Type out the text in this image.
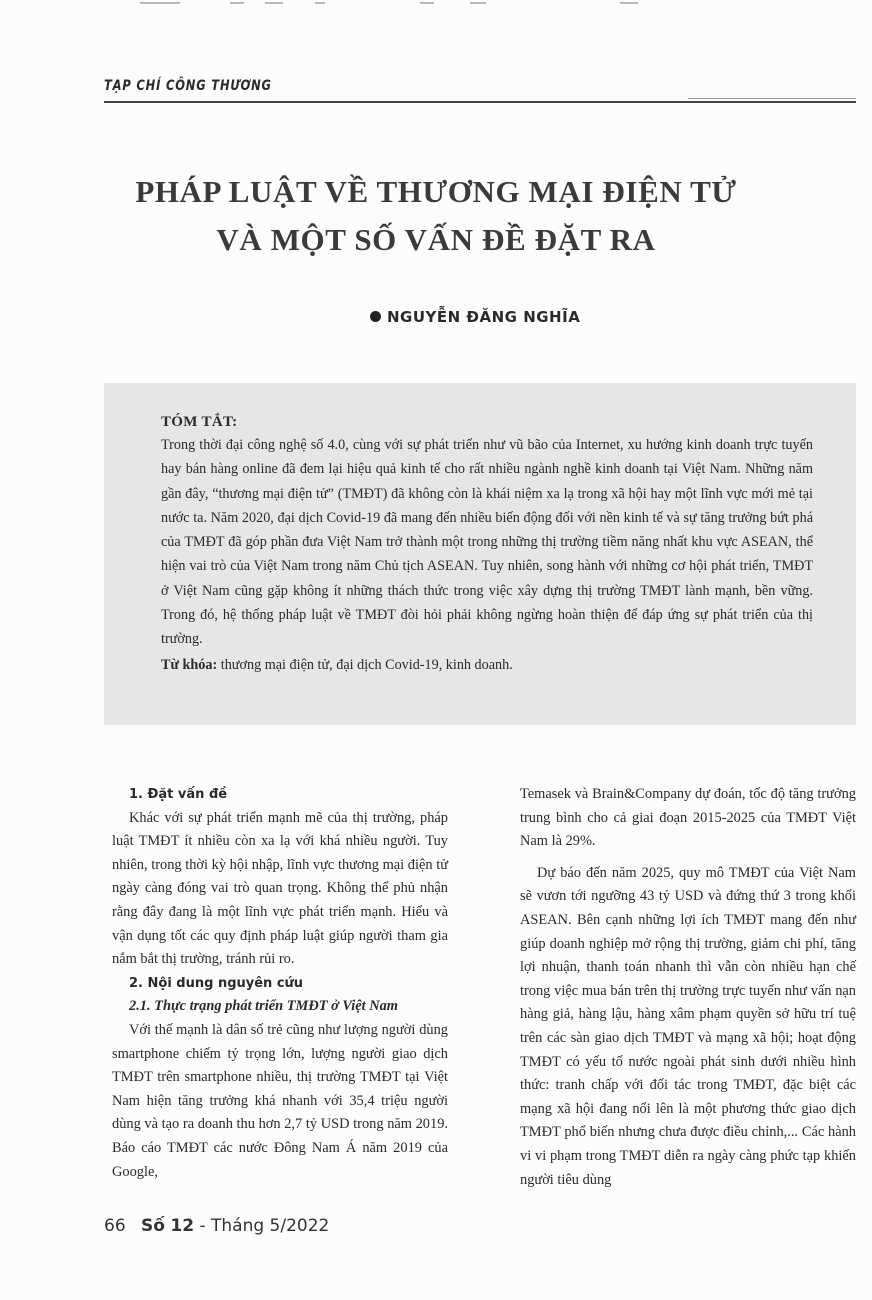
TẠP CHÍ CÔNG THƯƠNG
PHÁP LUẬT VỀ THƯƠNG MẠI ĐIỆN TỬ
VÀ MỘT SỐ VẤN ĐỀ ĐẶT RA
NGUYỄN ĐĂNG NGHĨA
TÓM TẮT:

Trong thời đại công nghệ số 4.0, cùng với sự phát triển như vũ bão của Internet, xu hướng kinh doanh trực tuyến hay bán hàng online đã đem lại hiệu quả kinh tế cho rất nhiều ngành nghề kinh doanh tại Việt Nam. Những năm gần đây, “thương mại điện tử” (TMĐT) đã không còn là khái niệm xa lạ trong xã hội hay một lĩnh vực mới mẻ tại nước ta. Năm 2020, đại dịch Covid-19 đã mang đến nhiều biến động đối với nền kinh tế và sự tăng trưởng bứt phá của TMĐT đã góp phần đưa Việt Nam trở thành một trong những thị trường tiềm năng nhất khu vực ASEAN, thể hiện vai trò của Việt Nam trong năm Chủ tịch ASEAN. Tuy nhiên, song hành với những cơ hội phát triển, TMĐT ở Việt Nam cũng gặp không ít những thách thức trong việc xây dựng thị trường TMĐT lành mạnh, bền vững. Trong đó, hệ thống pháp luật về TMĐT đòi hỏi phải không ngừng hoàn thiện để đáp ứng sự phát triển của thị trường.

Từ khóa: thương mại điện tử, đại dịch Covid-19, kinh doanh.

1. Đặt vấn đề

Khác với sự phát triển mạnh mẽ của thị trường, pháp luật TMĐT ít nhiều còn xa lạ với khá nhiều người. Tuy nhiên, trong thời kỳ hội nhập, lĩnh vực thương mại điện tử ngày càng đóng vai trò quan trọng. Không thể phủ nhận rằng đây đang là một lĩnh vực phát triển mạnh. Hiểu và vận dụng tốt các quy định pháp luật giúp người tham gia nắm bắt thị trường, tránh rủi ro.

2. Nội dung nguyên cứu

2.1. Thực trạng phát triển TMĐT ở Việt Nam

Với thế mạnh là dân số trẻ cũng như lượng người dùng smartphone chiếm tỷ trọng lớn, lượng người giao dịch TMĐT trên smartphone nhiều, thị trường TMĐT tại Việt Nam hiện tăng trưởng khá nhanh với 35,4 triệu người dùng và tạo ra doanh thu hơn 2,7 tỷ USD trong năm 2019. Báo cáo TMĐT các nước Đông Nam Á năm 2019 của Google,

Temasek và Brain&Company dự đoán, tốc độ tăng trưởng trung bình cho cả giai đoạn 2015-2025 của TMĐT Việt Nam là 29%.

Dự báo đến năm 2025, quy mô TMĐT của Việt Nam sẽ vươn tới ngưỡng 43 tỷ USD và đứng thứ 3 trong khối ASEAN. Bên cạnh những lợi ích TMĐT mang đến như giúp doanh nghiệp mở rộng thị trường, giảm chi phí, tăng lợi nhuận, thanh toán nhanh thì vẫn còn nhiều hạn chế trong việc mua bán trên thị trường trực tuyến như vấn nạn hàng giả, hàng lậu, hàng xâm phạm quyền sở hữu trí tuệ trên các sàn giao dịch TMĐT và mạng xã hội; hoạt động TMĐT có yếu tố nước ngoài phát sinh dưới nhiều hình thức: tranh chấp với đối tác trong TMĐT, đặc biệt các mạng xã hội đang nổi lên là một phương thức giao dịch TMĐT phổ biến nhưng chưa được điều chỉnh,... Các hành vi vi phạm trong TMĐT diễn ra ngày càng phức tạp khiến người tiêu dùng

66 Số 12 - Tháng 5/2022
